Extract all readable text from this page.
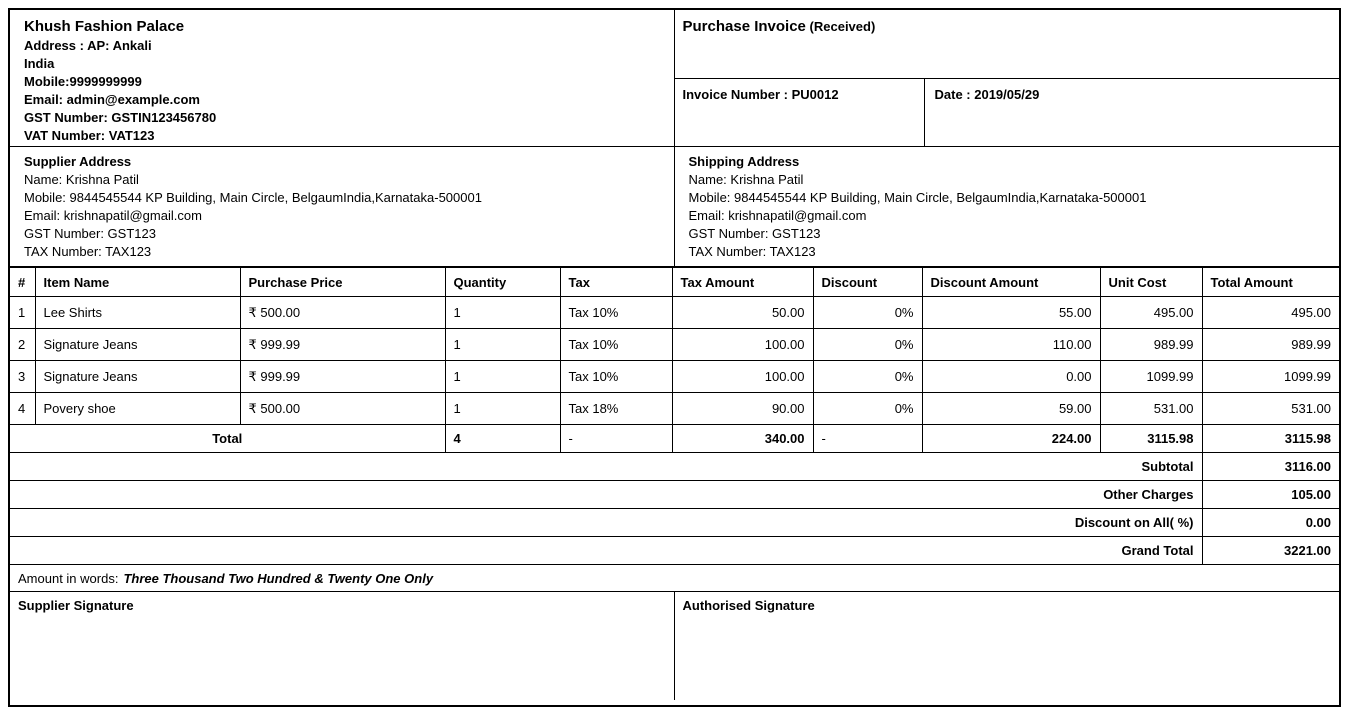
Khush Fashion Palace
Address : AP: Ankali
India
Mobile:9999999999
Email: admin@example.com
GST Number: GSTIN123456780
VAT Number: VAT123
Purchase Invoice (Received)
Invoice Number : PU0012	Date : 2019/05/29
Supplier Address
Name: Krishna Patil
Mobile: 9844545544 KP Building, Main Circle, BelgaumIndia,Karnataka-500001
Email: krishnapatil@gmail.com
GST Number: GST123
TAX Number: TAX123
Shipping Address
Name: Krishna Patil
Mobile: 9844545544 KP Building, Main Circle, BelgaumIndia,Karnataka-500001
Email: krishnapatil@gmail.com
GST Number: GST123
TAX Number: TAX123
#	Item Name	Purchase Price	Quantity	Tax	Tax Amount	Discount	Discount Amount	Unit Cost	Total Amount
1	Lee Shirts	₹ 500.00	1	Tax 10%	50.00	0%	55.00	495.00	495.00
2	Signature Jeans	₹ 999.99	1	Tax 10%	100.00	0%	110.00	989.99	989.99
3	Signature Jeans	₹ 999.99	1	Tax 10%	100.00	0%	0.00	1099.99	1099.99
4	Povery shoe	₹ 500.00	1	Tax 18%	90.00	0%	59.00	531.00	531.00
Total			4	-	340.00	-	224.00	3115.98	3115.98
Subtotal									3116.00
Other Charges									105.00
Discount on All( %)									0.00
Grand Total									3221.00
Amount in words: Three Thousand Two Hundred & Twenty One Only
Supplier Signature	Authorised Signature
